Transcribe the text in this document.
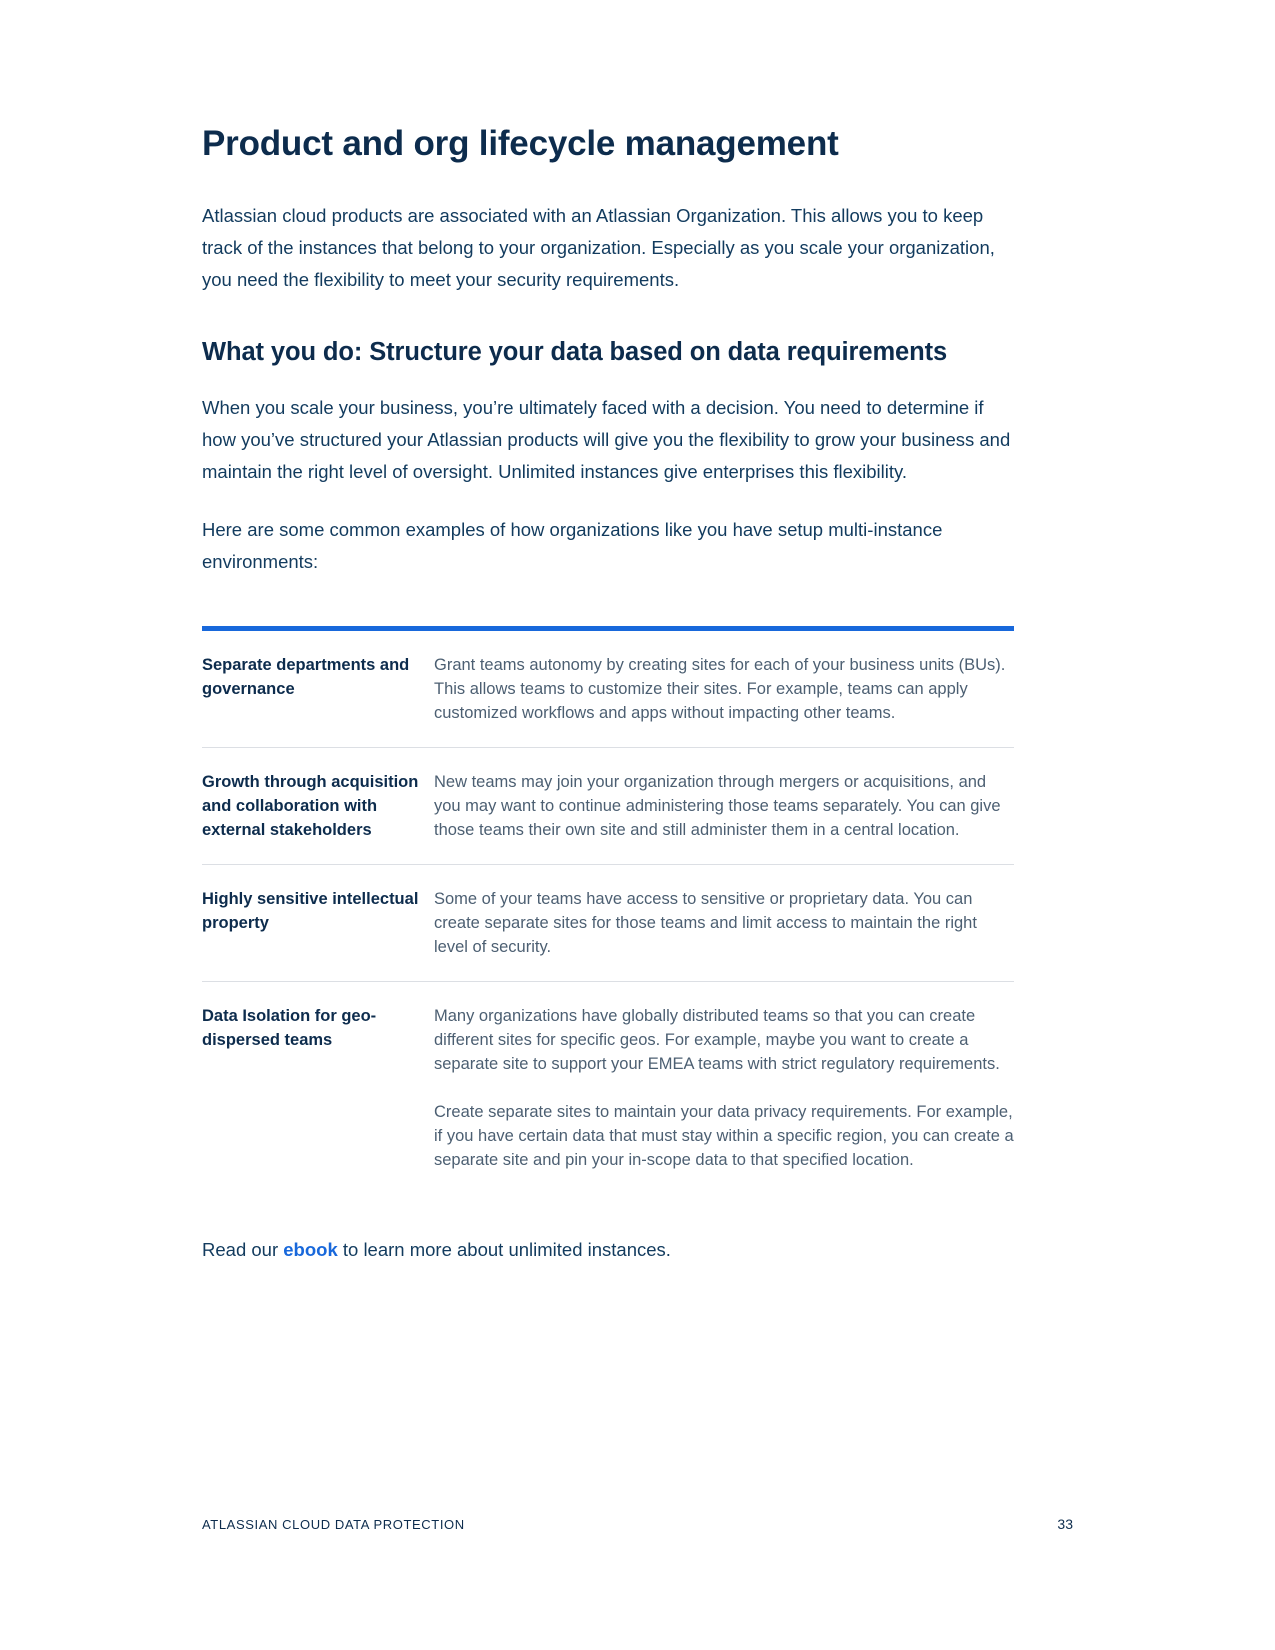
Product and org lifecycle management

Atlassian cloud products are associated with an Atlassian Organization. This allows you to keep track of the instances that belong to your organization. Especially as you scale your organization, you need the flexibility to meet your security requirements.

What you do: Structure your data based on data requirements

When you scale your business, you’re ultimately faced with a decision. You need to determine if how you’ve structured your Atlassian products will give you the flexibility to grow your business and maintain the right level of oversight. Unlimited instances give enterprises this flexibility.

Here are some common examples of how organizations like you have setup multi-instance environments:

Separate departments and governance	Grant teams autonomy by creating sites for each of your business units (BUs). This allows teams to customize their sites. For example, teams can apply customized workflows and apps without impacting other teams.

Growth through acquisition and collaboration with external stakeholders	New teams may join your organization through mergers or acquisitions, and you may want to continue administering those teams separately. You can give those teams their own site and still administer them in a central location.

Highly sensitive intellectual property	Some of your teams have access to sensitive or proprietary data. You can create separate sites for those teams and limit access to maintain the right level of security.

Data Isolation for geo-dispersed teams	Many organizations have globally distributed teams so that you can create different sites for specific geos. For example, maybe you want to create a separate site to support your EMEA teams with strict regulatory requirements.

Create separate sites to maintain your data privacy requirements. For example, if you have certain data that must stay within a specific region, you can create a separate site and pin your in-scope data to that specified location.

Read our ebook to learn more about unlimited instances.

ATLASSIAN CLOUD DATA PROTECTION	33
